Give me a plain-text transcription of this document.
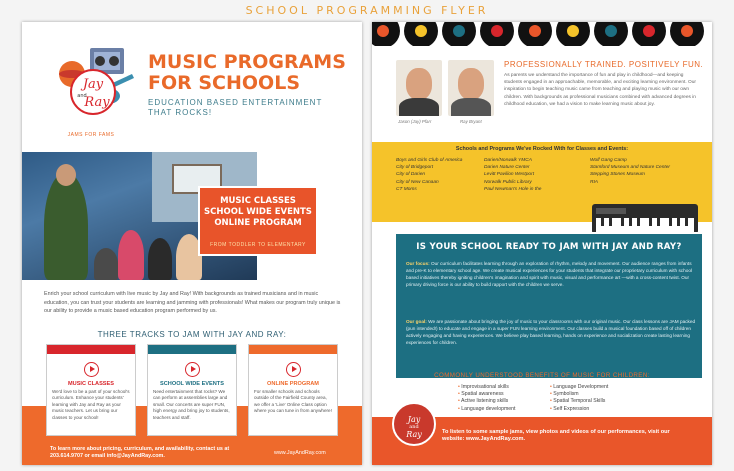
SCHOOL PROGRAMMING FLYER
Jay
and
Ray
JAMS FOR FAMS
MUSIC PROGRAMS
FOR SCHOOLS
EDUCATION BASED ENTERTAINMENT
THAT ROCKS!
MUSIC CLASSES
SCHOOL WIDE EVENTS
ONLINE PROGRAM
FROM TODDLER TO ELEMENTARY
Enrich your school curriculum with live music by Jay and Ray! With backgrounds as trained musicians and in music education, you can trust your students are learning and jamming with professionals! What makes our program truly unique is our ability to provide a music based education program performed by us.
THREE TRACKS TO JAM WITH JAY AND RAY:
To learn more about pricing, curriculum, and availability, contact us at 203.614.9707 or email info@JayAndRay.com.	www.JayAndRay.com
MUSIC CLASSES
We'd love to be a part of your school's curriculum. Enhance your students' learning with Jay and Ray as your music teachers. Let us bring our classes to your school!
SCHOOL WIDE EVENTS
Need entertainment that rocks? We can perform at assemblies large and small. Our concerts are super FUN, high energy and bring joy to students, teachers and staff.
ONLINE PROGRAM
For smaller schools and schools outside of the Fairfield County area, we offer a 'Live' Online Class option where you can tune in from anywhere!
Jason (Jay) Pfarr	Ray Bryant
PROFESSIONALLY TRAINED. POSITIVELY FUN.
As parents we understand the importance of fun and play in childhood—and keeping students engaged in an approachable, memorable, and exciting learning environment. Our inspiration to begin teaching music came from teaching and playing music with our own children. With backgrounds as professional musicians combined with advanced degrees in childhood education, we had a vision to make learning music about joy.
Schools and Programs We've Rocked With for Classes and Events:
Boys and Girls Club of America
City of Bridgeport
City of Darien
City of New Canaan
CT Moms
Darien/Norwalk YMCA
Darien Nature Center
Levitt Pavilion Westport
Norwalk Public Library
Paul Newman's Hole in the
Wolf Gang Camp
Stamford Museum and Nature Center
Stepping Stones Museum
RIA
IS YOUR SCHOOL READY TO JAM WITH JAY AND RAY?
Our focus: Our curriculum facilitates learning through an exploration of rhythm, melody and movement. Our audience ranges from infants and pre-K to elementary school age. We create musical experiences for your students that integrate our proprietary curriculum with school based initiatives thereby igniting children's imagination and spirit with music, visual and performance art —with a cross-content twist. Our primary driving force is our ability to build rapport with the children we serve.
Our goal: We are passionate about bringing the joy of music to your classrooms with our original music. Our class lessons are JAM packed (pun intended!) to educate and engage in a super FUN learning environment. Our classes build a musical foundation based off of children actively engaging and having experiences. We believe play based learning, hands on experience and socialization create lasting learning experiences for children.
COMMONLY UNDERSTOOD BENEFITS OF MUSIC FOR CHILDREN:
• Improvisational skills
• Spatial awareness
• Active listening skills
• Language development
• Language Development
• Symbolism
• Spatial Temporal Skills
• Self Expression
To listen to some sample jams, view photos and videos of our performances, visit our website: www.JayAndRay.com.
Jay
and
Ray
